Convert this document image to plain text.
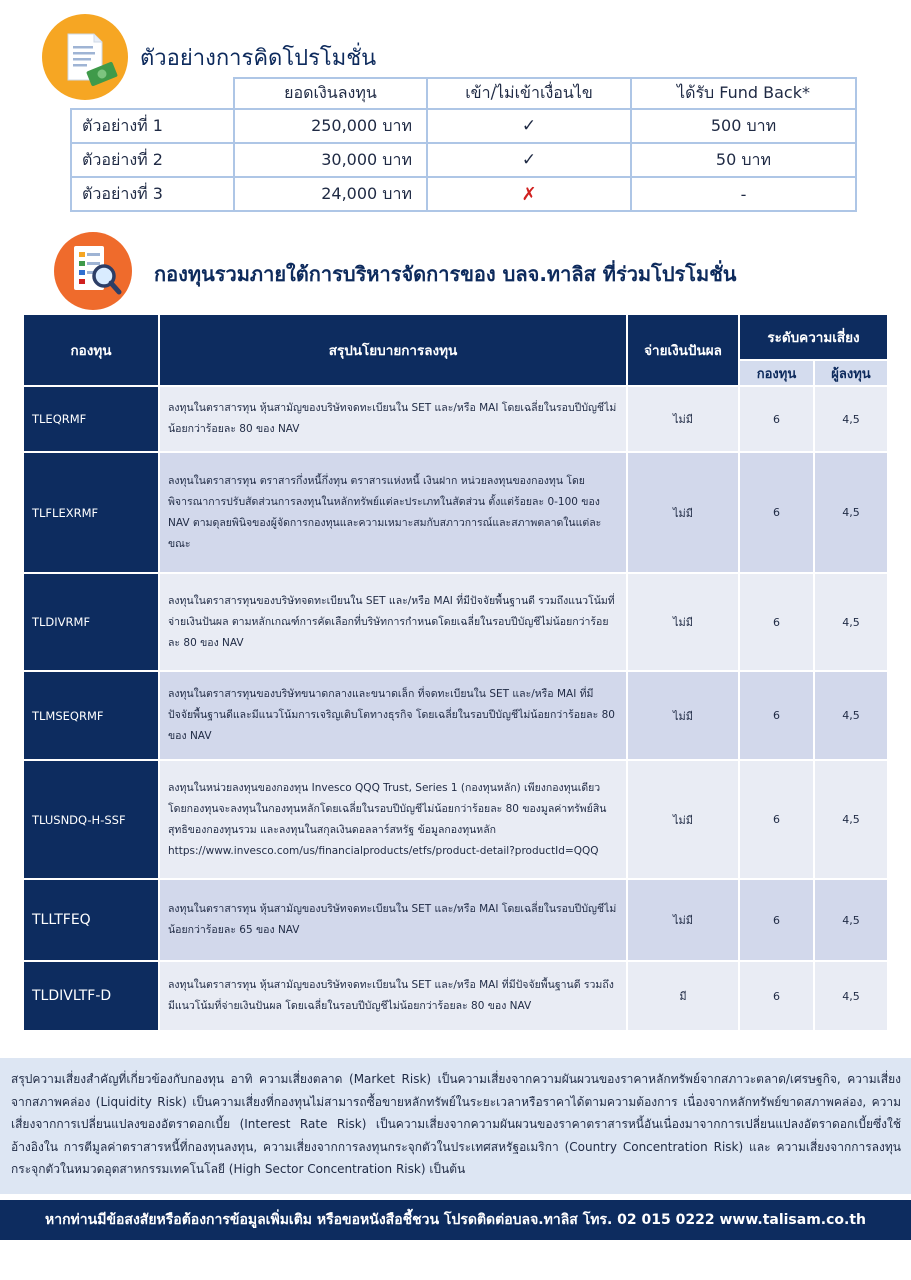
ตัวอย่างการคิดโปรโมชั่น
	ยอดเงินลงทุน	เข้า/ไม่เข้าเงื่อนไข	ได้รับ Fund Back*
ตัวอย่างที่ 1	250,000 บาท	✓	500 บาท
ตัวอย่างที่ 2	30,000 บาท	✓	50 บาท
ตัวอย่างที่ 3	24,000 บาท	✗	-
กองทุนรวมภายใต้การบริหารจัดการของ บลจ.ทาลิส ที่ร่วมโปรโมชั่น
กองทุน	สรุปนโยบายการลงทุน	จ่ายเงินปันผล	ระดับความเสี่ยง	
			กองทุน	ผู้ลงทุน
TLEQRMF	ลงทุนในตราสารทุน หุ้นสามัญของบริษัทจดทะเบียนใน SET และ/หรือ MAI โดยเฉลี่ยในรอบปีบัญชีไม่น้อยกว่าร้อยละ 80 ของ NAV	ไม่มี	6	4,5
TLFLEXRMF	ลงทุนในตราสารทุน ตราสารกึ่งหนี้กึ่งทุน ตราสารแห่งหนี้ เงินฝาก หน่วยลงทุนของกองทุน โดยพิจารณาการปรับสัดส่วนการลงทุนในหลักทรัพย์แต่ละประเภทในสัดส่วน ตั้งแต่ร้อยละ 0-100 ของ NAV ตามดุลยพินิจของผู้จัดการกองทุนและความเหมาะสมกับสภาวการณ์และสภาพตลาดในแต่ละขณะ	ไม่มี	6	4,5
TLDIVRMF	ลงทุนในตราสารทุนของบริษัทจดทะเบียนใน SET และ/หรือ MAI ที่มีปัจจัยพื้นฐานดี รวมถึงแนวโน้มที่จ่ายเงินปันผล ตามหลักเกณฑ์การคัดเลือกที่บริษัทการกำหนดโดยเฉลี่ยในรอบปีบัญชีไม่น้อยกว่าร้อยละ 80 ของ NAV	ไม่มี	6	4,5
TLMSEQRMF	ลงทุนในตราสารทุนของบริษัทขนาดกลางและขนาดเล็ก ที่จดทะเบียนใน SET และ/หรือ MAI ที่มีปัจจัยพื้นฐานดีและมีแนวโน้มการเจริญเติบโตทางธุรกิจ โดยเฉลี่ยในรอบปีบัญชีไม่น้อยกว่าร้อยละ 80 ของ NAV	ไม่มี	6	4,5
TLUSNDQ-H-SSF	ลงทุนในหน่วยลงทุนของกองทุน Invesco QQQ Trust, Series 1 (กองทุนหลัก) เพียงกองทุนเดียว โดยกองทุนจะลงทุนในกองทุนหลักโดยเฉลี่ยในรอบปีบัญชีไม่น้อยกว่าร้อยละ 80 ของมูลค่าทรัพย์สินสุทธิของกองทุนรวม และลงทุนในสกุลเงินดอลลาร์สหรัฐ ข้อมูลกองทุนหลัก https://www.invesco.com/us/financialproducts/etfs/product-detail?productId=QQQ	ไม่มี	6	4,5
TLLTFEQ	ลงทุนในตราสารทุน หุ้นสามัญของบริษัทจดทะเบียนใน SET และ/หรือ MAI โดยเฉลี่ยในรอบปีบัญชีไม่น้อยกว่าร้อยละ 65 ของ NAV	ไม่มี	6	4,5
TLDIVLTF-D	ลงทุนในตราสารทุน หุ้นสามัญของบริษัทจดทะเบียนใน SET และ/หรือ MAI ที่มีปัจจัยพื้นฐานดี รวมถึงมีแนวโน้มที่จ่ายเงินปันผล โดยเฉลี่ยในรอบปีบัญชีไม่น้อยกว่าร้อยละ 80 ของ NAV	มี	6	4,5

สรุปความเสี่ยงสำคัญที่เกี่ยวข้องกับกองทุน อาทิ ความเสี่ยงตลาด (Market Risk) เป็นความเสี่ยงจากความผันผวนของราคาหลักทรัพย์จากสภาวะตลาด/เศรษฐกิจ, ความเสี่ยงจากสภาพคล่อง (Liquidity Risk) เป็นความเสี่ยงที่กองทุนไม่สามารถซื้อขายหลักทรัพย์ในระยะเวลาหรือราคาได้ตามความต้องการ เนื่องจากหลักทรัพย์ขาดสภาพคล่อง, ความเสี่ยงจากการเปลี่ยนแปลงของอัตราดอกเบี้ย (Interest Rate Risk) เป็นความเสี่ยงจากความผันผวนของราคาตราสารหนี้อันเนื่องมาจากการเปลี่ยนแปลงอัตราดอกเบี้ยซึ่งใช้อ้างอิงใน การตีมูลค่าตราสารหนี้ที่กองทุนลงทุน, ความเสี่ยงจากการลงทุนกระจุกตัวในประเทศสหรัฐอเมริกา (Country Concentration Risk) และ ความเสี่ยงจากการลงทุนกระจุกตัวในหมวดอุตสาหกรรมเทคโนโลยี (High Sector Concentration Risk) เป็นต้น

หากท่านมีข้อสงสัยหรือต้องการข้อมูลเพิ่มเติม หรือขอหนังสือชี้ชวน โปรดติดต่อบลจ.ทาลิส โทร. 02 015 0222 www.talisam.co.th
